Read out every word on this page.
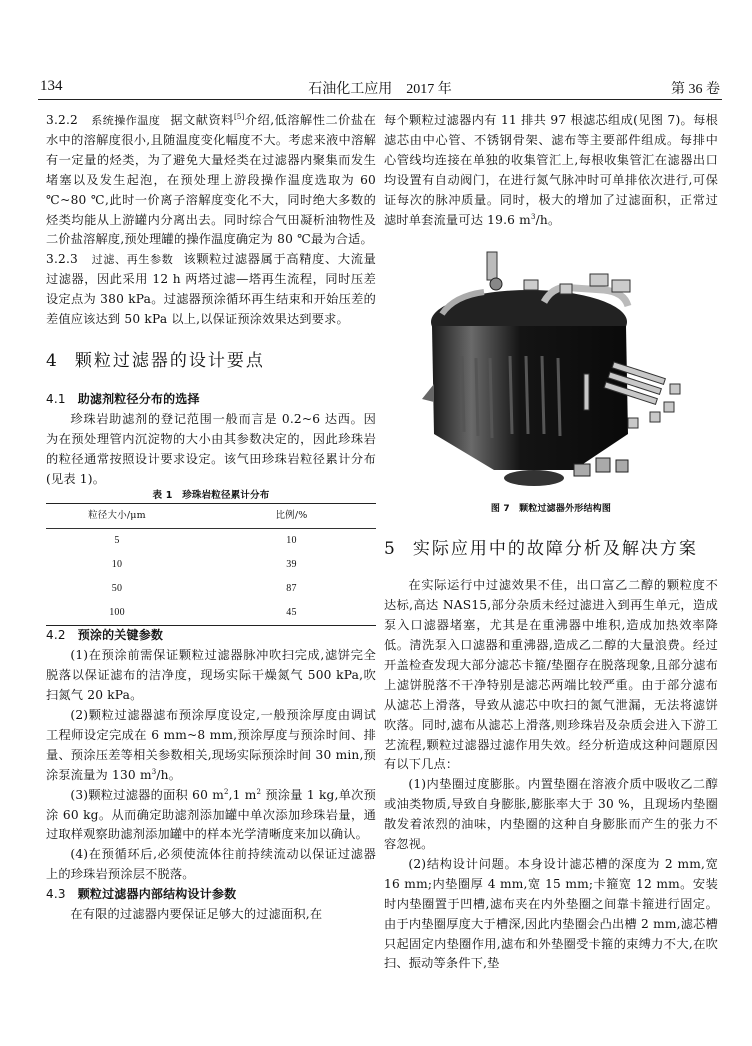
134	石油化工应用　2017 年	第 36 卷

3.2.2 系统操作温度 据文献资料[5]介绍,低溶解性二价盐在水中的溶解度很小,且随温度变化幅度不大。考虑来液中溶解有一定量的烃类，为了避免大量烃类在过滤器内聚集而发生堵塞以及发生起泡，在预处理上游段操作温度选取为 60 ℃~80 ℃,此时一价离子溶解度变化不大，同时绝大多数的烃类均能从上游罐内分离出去。同时综合气田凝析油物性及二价盐溶解度,预处理罐的操作温度确定为 80 ℃最为合适。

3.2.3 过滤、再生参数 该颗粒过滤器属于高精度、大流量过滤器，因此采用 12 h 两塔过滤—塔再生流程，同时压差设定点为 380 kPa。过滤器预涂循环再生结束和开始压差的差值应该达到 50 kPa 以上,以保证预涂效果达到要求。

4 颗粒过滤器的设计要点
4.1 助滤剂粒径分布的选择

珍珠岩助滤剂的登记范围一般而言是 0.2~6 达西。因为在预处理管内沉淀物的大小由其参数决定的，因此珍珠岩的粒径通常按照设计要求设定。该气田珍珠岩粒径累计分布(见表 1)。

表 1　珍珠岩粒径累计分布
粒径大小/μm	比例/%
5	10
10	39
50	87
100	45
4.2 预涂的关键参数

(1)在预涂前需保证颗粒过滤器脉冲吹扫完成,滤饼完全脱落以保证滤布的洁净度，现场实际干燥氮气 500 kPa,吹扫氮气 20 kPa。

(2)颗粒过滤器滤布预涂厚度设定,一般预涂厚度由调试工程师设定完成在 6 mm~8 mm,预涂厚度与预涂时间、排量、预涂压差等相关参数相关,现场实际预涂时间 30 min,预涂泵流量为 130 $m^3/h$。

(3)颗粒过滤器的面积 60 $m^2,1$ $m^2$ 预涂量 1 kg,单次预涂 60 kg。从而确定助滤剂添加罐中单次添加珍珠岩量，通过取样观察助滤剂添加罐中的样本光学清晰度来加以确认。

(4)在预循环后,必须使流体往前持续流动以保证过滤器上的珍珠岩预涂层不脱落。

4.3 颗粒过滤器内部结构设计参数

在有限的过滤器内要保证足够大的过滤面积,在

每个颗粒过滤器内有 11 排共 97 根滤芯组成(见图 7)。每根滤芯由中心管、不锈钢骨架、滤布等主要部件组成。每排中心管线均连接在单独的收集管汇上,每根收集管汇在滤器出口均设置有自动阀门，在进行氮气脉冲时可单排依次进行,可保证每次的脉冲质量。同时，极大的增加了过滤面积，正常过滤时单套流量可达 19.6 $m^3/h$。

图 7　颗粒过滤器外形结构图
5 实际应用中的故障分析及解决方案

在实际运行中过滤效果不佳，出口富乙二醇的颗粒度不达标,高达 NAS15,部分杂质未经过滤进入到再生单元，造成泵入口滤器堵塞，尤其是在重沸器中堆积,造成加热效率降低。清洗泵入口滤器和重沸器,造成乙二醇的大量浪费。经过开盖检查发现大部分滤芯卡箍/垫圈存在脱落现象,且部分滤布上滤饼脱落不干净特别是滤芯两端比较严重。由于部分滤布从滤芯上滑落，导致从滤芯中吹扫的氮气泄漏，无法将滤饼吹落。同时,滤布从滤芯上滑落,则珍珠岩及杂质会进入下游工艺流程,颗粒过滤器过滤作用失效。经分析造成这种问题原因有以下几点：

(1)内垫圈过度膨胀。内置垫圈在溶液介质中吸收乙二醇或油类物质,导致自身膨胀,膨胀率大于 30 %，且现场内垫圈散发着浓烈的油味，内垫圈的这种自身膨胀而产生的张力不容忽视。

(2)结构设计问题。本身设计滤芯槽的深度为 2 mm,宽 16 mm;内垫圈厚 4 mm,宽 15 mm;卡箍宽 12 mm。安装时内垫圈置于凹槽,滤布夹在内外垫圈之间靠卡箍进行固定。由于内垫圈厚度大于槽深,因此内垫圈会凸出槽 2 mm,滤芯槽只起固定内垫圈作用,滤布和外垫圈受卡箍的束缚力不大,在吹扫、振动等条件下,垫
